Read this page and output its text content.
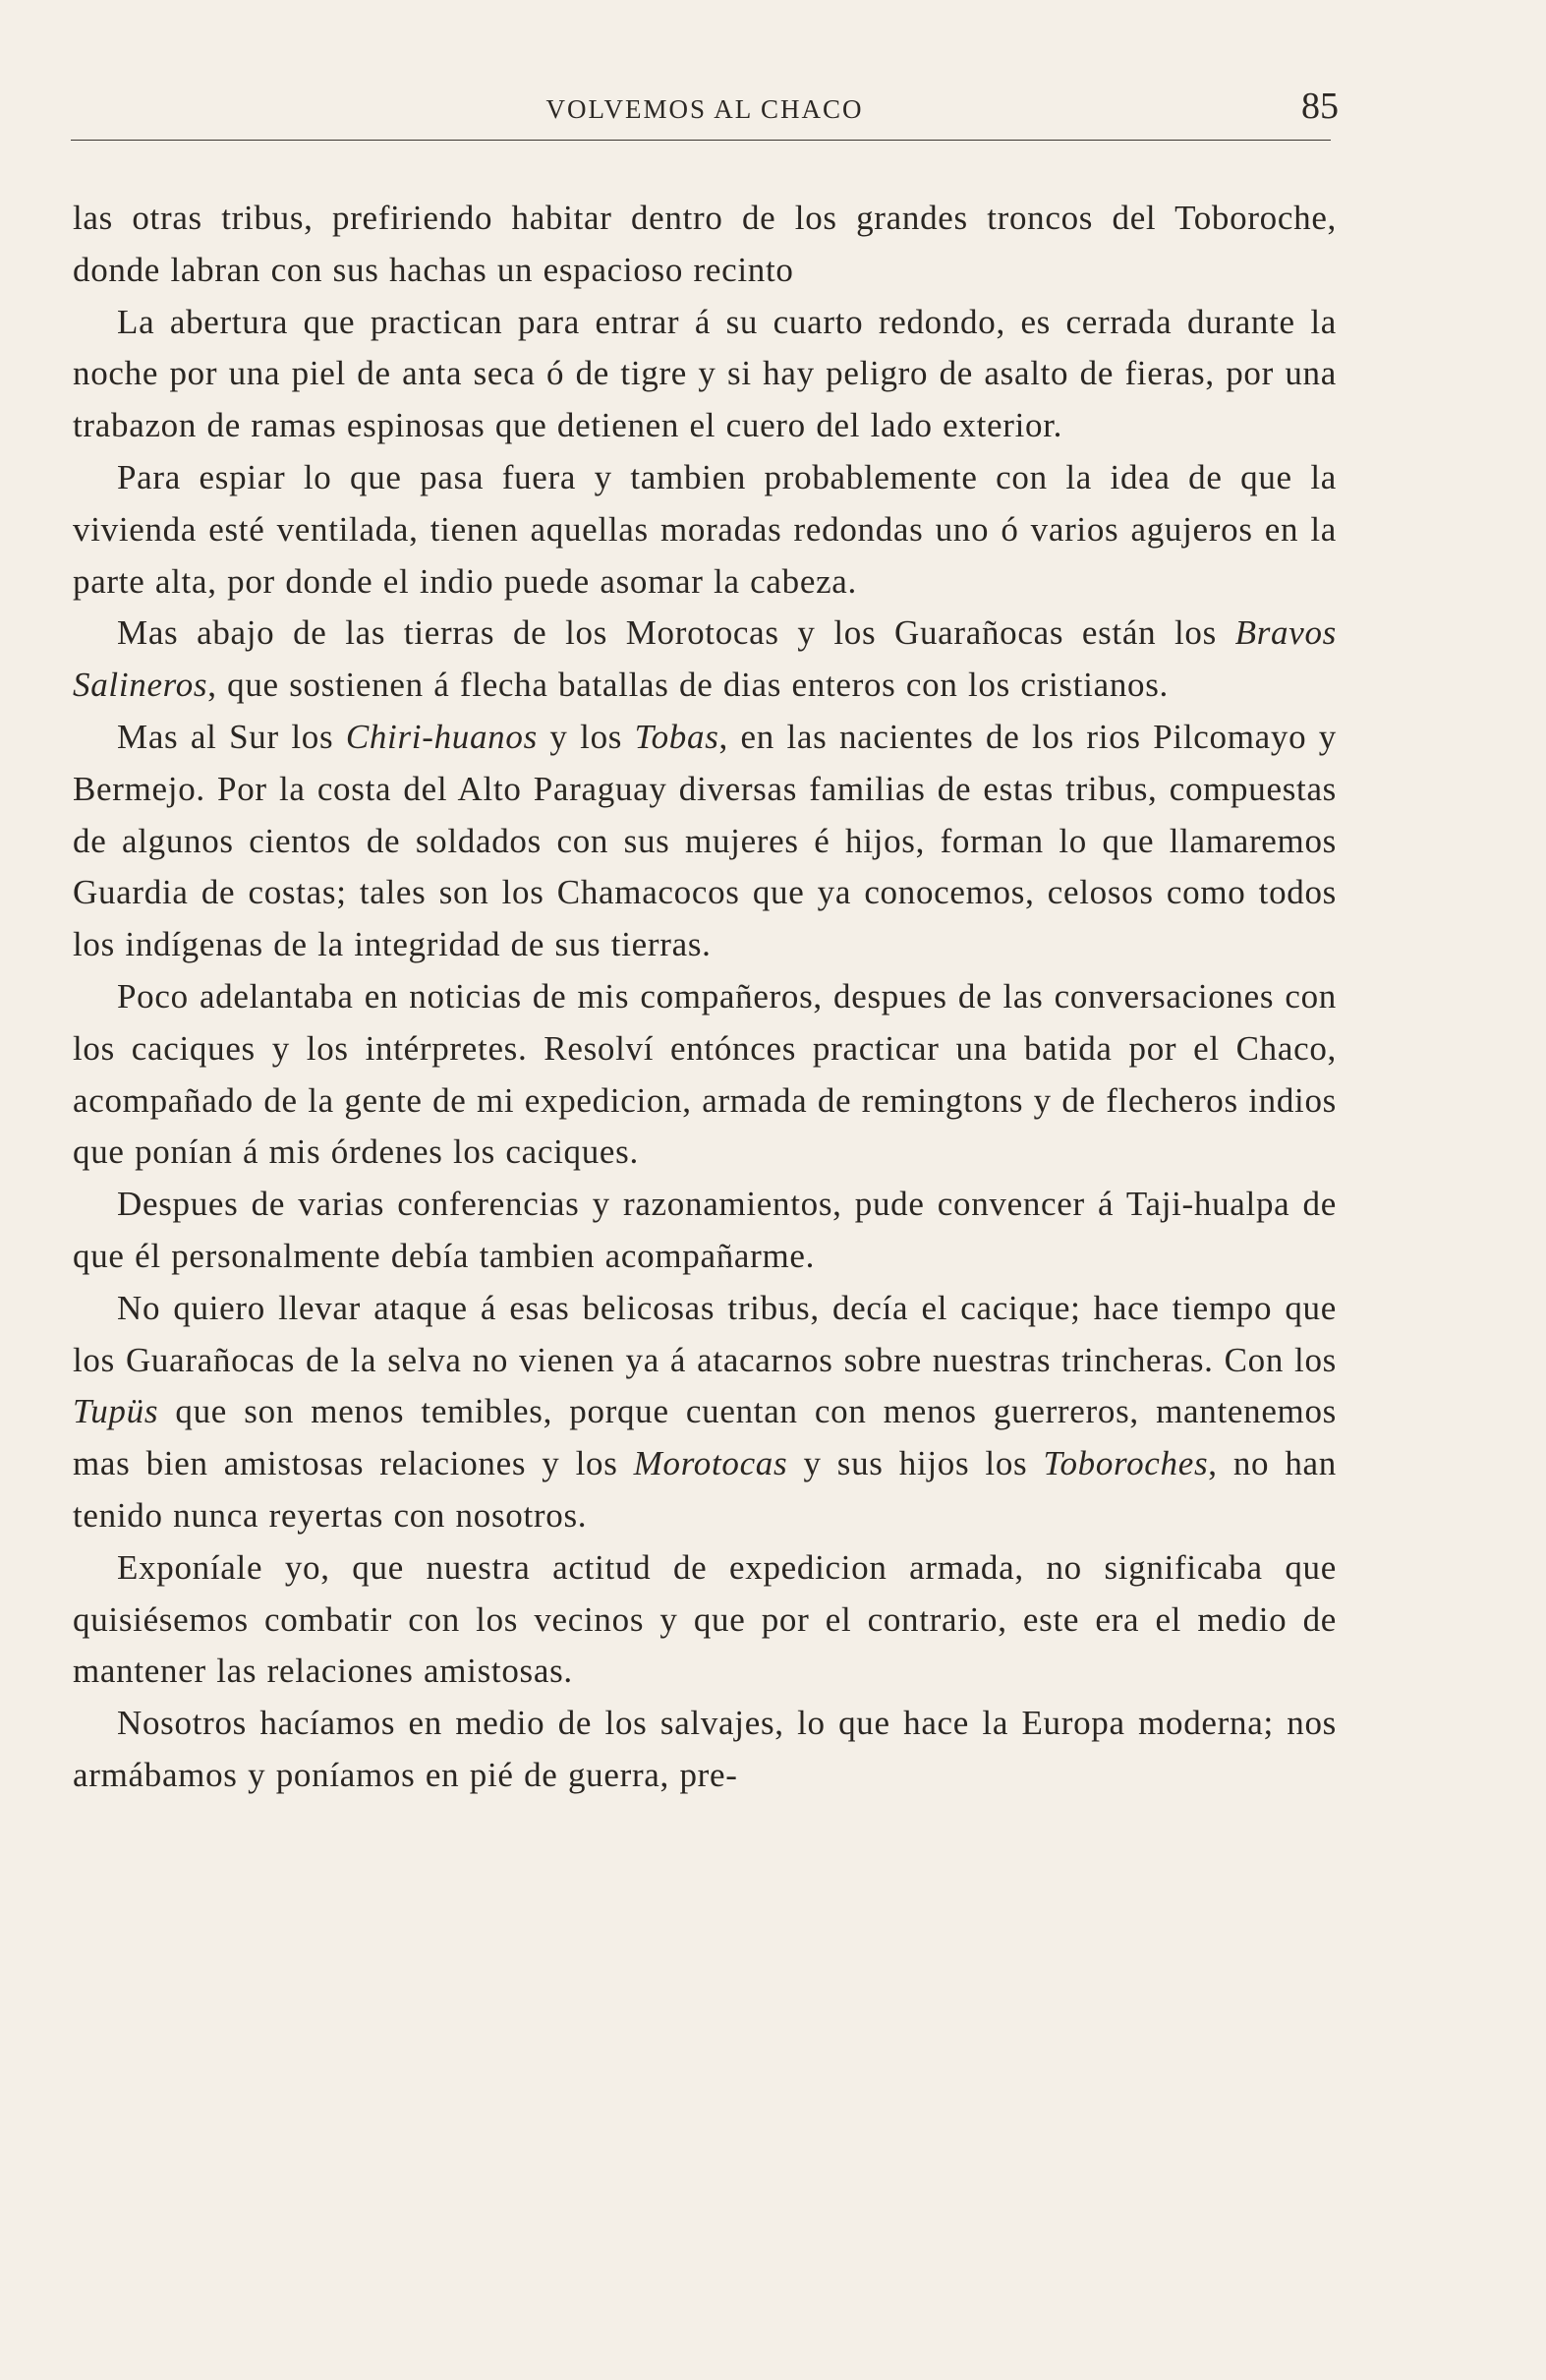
VOLVEMOS AL CHACO	85

las otras tribus, prefiriendo habitar dentro de los grandes troncos del Toboroche, donde labran con sus hachas un espacioso recinto

La abertura que practican para entrar á su cuarto redondo, es cerrada durante la noche por una piel de anta seca ó de tigre y si hay peligro de asalto de fieras, por una trabazon de ramas espinosas que detienen el cuero del lado exterior.

Para espiar lo que pasa fuera y tambien probablemente con la idea de que la vivienda esté ventilada, tienen aquellas moradas redondas uno ó varios agujeros en la parte alta, por donde el indio puede asomar la cabeza.

Mas abajo de las tierras de los Morotocas y los Guarañocas están los Bravos Salineros, que sostienen á flecha batallas de dias enteros con los cristianos.

Mas al Sur los Chiri-huanos y los Tobas, en las nacientes de los rios Pilcomayo y Bermejo. Por la costa del Alto Paraguay diversas familias de estas tribus, compuestas de algunos cientos de soldados con sus mujeres é hijos, forman lo que llamaremos Guardia de costas; tales son los Chamacocos que ya conocemos, celosos como todos los indígenas de la integridad de sus tierras.

Poco adelantaba en noticias de mis compañeros, despues de las conversaciones con los caciques y los intérpretes. Resolví entónces practicar una batida por el Chaco, acompañado de la gente de mi expedicion, armada de remingtons y de flecheros indios que ponían á mis órdenes los caciques.

Despues de varias conferencias y razonamientos, pude convencer á Taji-hualpa de que él personalmente debía tambien acompañarme.

No quiero llevar ataque á esas belicosas tribus, decía el cacique; hace tiempo que los Guarañocas de la selva no vienen ya á atacarnos sobre nuestras trincheras. Con los Tupüs que son menos temibles, porque cuentan con menos guerreros, mantenemos mas bien amistosas relaciones y los Morotocas y sus hijos los Toboroches, no han tenido nunca reyertas con nosotros.

Exponíale yo, que nuestra actitud de expedicion armada, no significaba que quisiésemos combatir con los vecinos y que por el contrario, este era el medio de mantener las relaciones amistosas.

Nosotros hacíamos en medio de los salvajes, lo que hace la Europa moderna; nos armábamos y poníamos en pié de guerra, pre-
